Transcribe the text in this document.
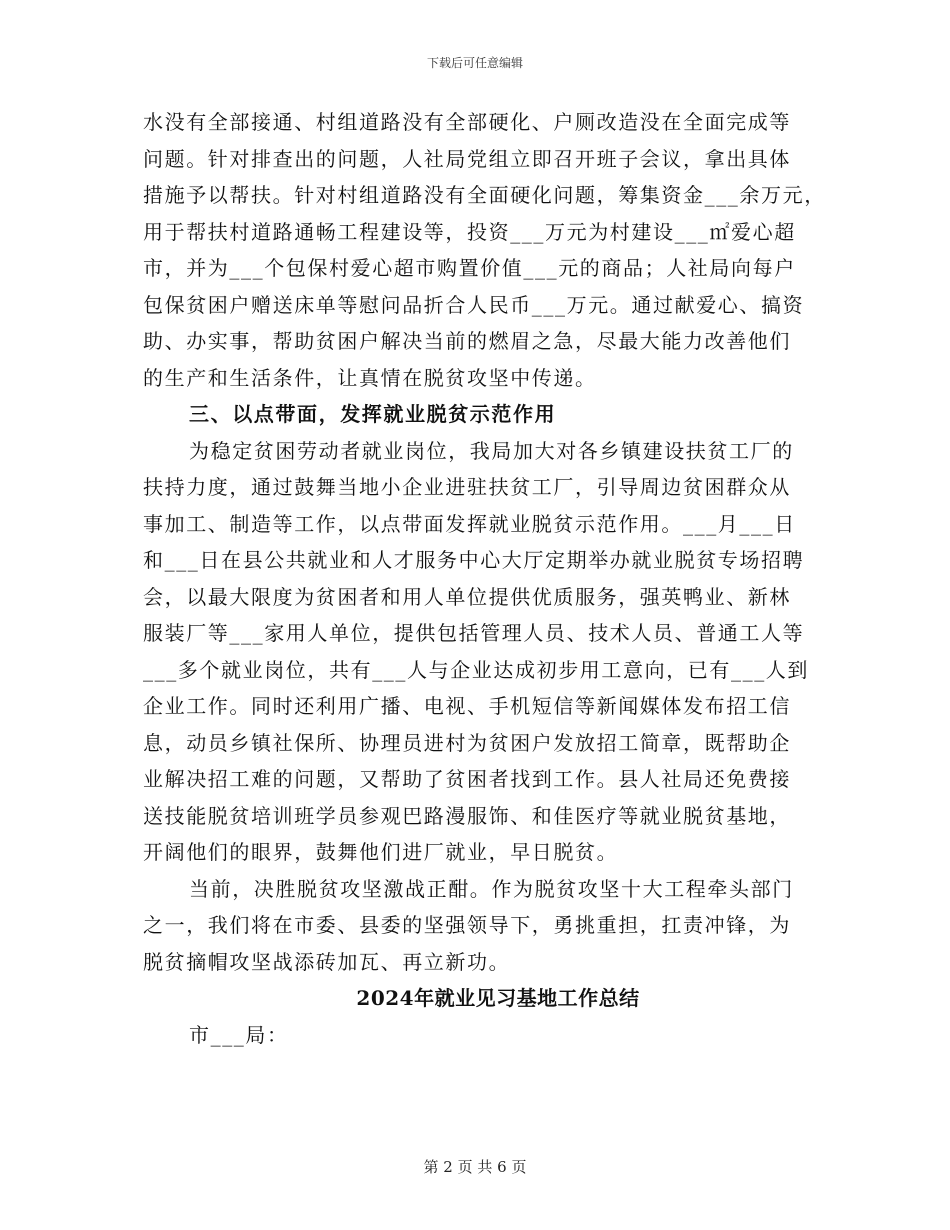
下载后可任意编辑
水没有全部接通、村组道路没有全部硬化、户厕改造没在全面完成等
问题。针对排查出的问题，人社局党组立即召开班子会议，拿出具体
措施予以帮扶。针对村组道路没有全面硬化问题，筹集资金___余万元，
用于帮扶村道路通畅工程建设等，投资___万元为村建设___㎡爱心超
市，并为___个包保村爱心超市购置价值___元的商品；人社局向每户
包保贫困户赠送床单等慰问品折合人民币___万元。通过献爱心、搞资
助、办实事，帮助贫困户解决当前的燃眉之急，尽最大能力改善他们
的生产和生活条件，让真情在脱贫攻坚中传递。
三、以点带面，发挥就业脱贫示范作用
为稳定贫困劳动者就业岗位，我局加大对各乡镇建设扶贫工厂的
扶持力度，通过鼓舞当地小企业进驻扶贫工厂，引导周边贫困群众从
事加工、制造等工作，以点带面发挥就业脱贫示范作用。___月___日
和___日在县公共就业和人才服务中心大厅定期举办就业脱贫专场招聘
会，以最大限度为贫困者和用人单位提供优质服务，强英鸭业、新林
服装厂等___家用人单位，提供包括管理人员、技术人员、普通工人等
___多个就业岗位，共有___人与企业达成初步用工意向，已有___人到
企业工作。同时还利用广播、电视、手机短信等新闻媒体发布招工信
息，动员乡镇社保所、协理员进村为贫困户发放招工简章，既帮助企
业解决招工难的问题，又帮助了贫困者找到工作。县人社局还免费接
送技能脱贫培训班学员参观巴路漫服饰、和佳医疗等就业脱贫基地，
开阔他们的眼界，鼓舞他们进厂就业，早日脱贫。
当前，决胜脱贫攻坚激战正酣。作为脱贫攻坚十大工程牵头部门
之一，我们将在市委、县委的坚强领导下，勇挑重担，扛责冲锋，为
脱贫摘帽攻坚战添砖加瓦、再立新功。
2024年就业见习基地工作总结
市___局：
第 2 页 共 6 页
